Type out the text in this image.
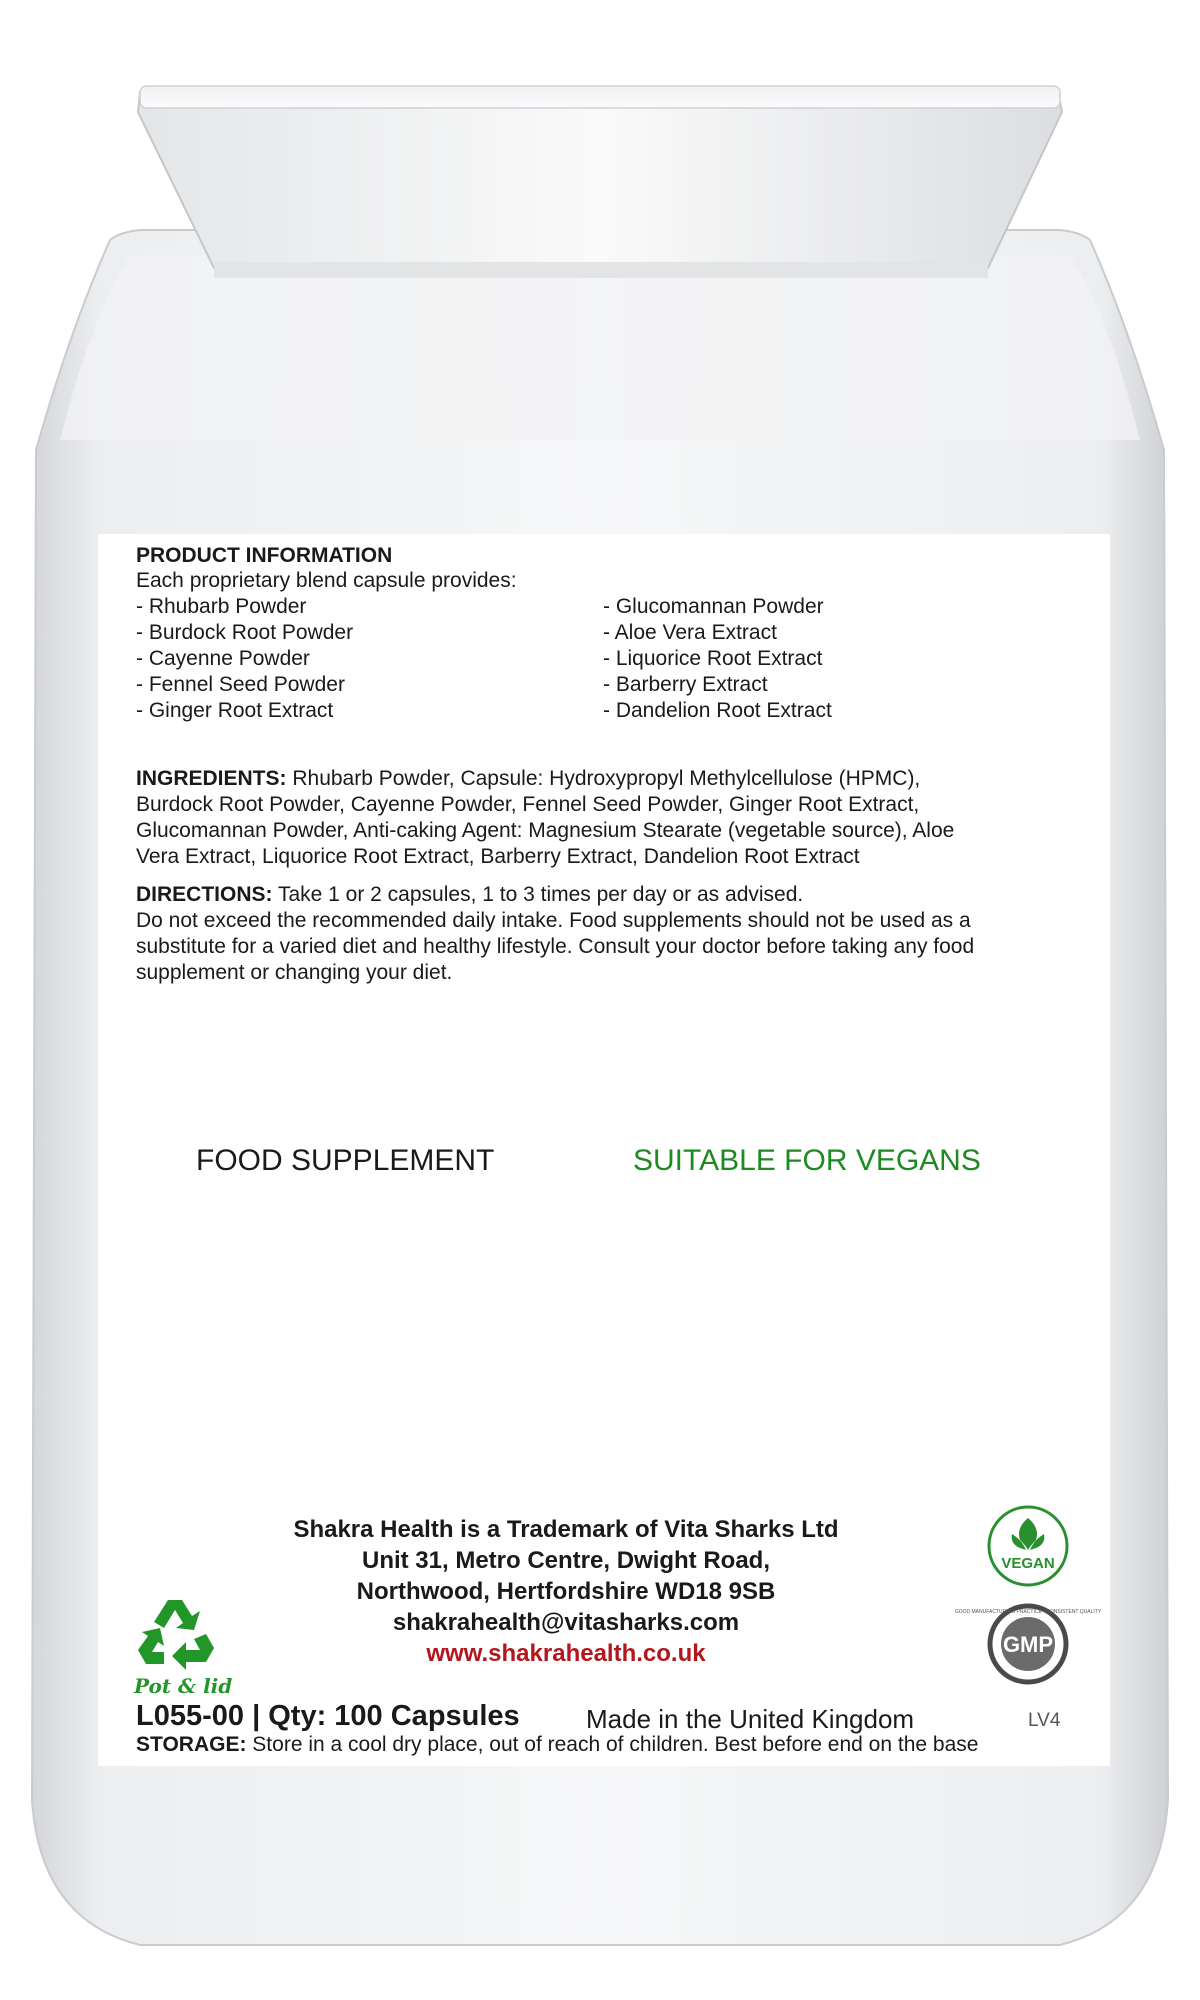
PRODUCT INFORMATION
Each proprietary blend capsule provides:
- Rhubarb Powder
- Burdock Root Powder
- Cayenne Powder
- Fennel Seed Powder
- Ginger Root Extract
- Glucomannan Powder
- Aloe Vera Extract
- Liquorice Root Extract
- Barberry Extract
- Dandelion Root Extract
INGREDIENTS: Rhubarb Powder, Capsule: Hydroxypropyl Methylcellulose (HPMC),
Burdock Root Powder, Cayenne Powder, Fennel Seed Powder, Ginger Root Extract,
Glucomannan Powder, Anti-caking Agent: Magnesium Stearate (vegetable source), Aloe
Vera Extract, Liquorice Root Extract, Barberry Extract, Dandelion Root Extract
DIRECTIONS: Take 1 or 2 capsules, 1 to 3 times per day or as advised.
Do not exceed the recommended daily intake. Food supplements should not be used as a
substitute for a varied diet and healthy lifestyle. Consult your doctor before taking any food
supplement or changing your diet.
FOOD SUPPLEMENT	SUITABLE FOR VEGANS
Shakra Health is a Trademark of Vita Sharks Ltd
Unit 31, Metro Centre, Dwight Road,
Northwood, Hertfordshire WD18 9SB
shakrahealth@vitasharks.com
www.shakrahealth.co.uk
Pot & lid
VEGAN
GOOD MANUFACTURING PRACTICE · CONSISTENT QUALITY
GMP
L055-00 | Qty: 100 Capsules	Made in the United Kingdom	LV4
STORAGE: Store in a cool dry place, out of reach of children. Best before end on the base
